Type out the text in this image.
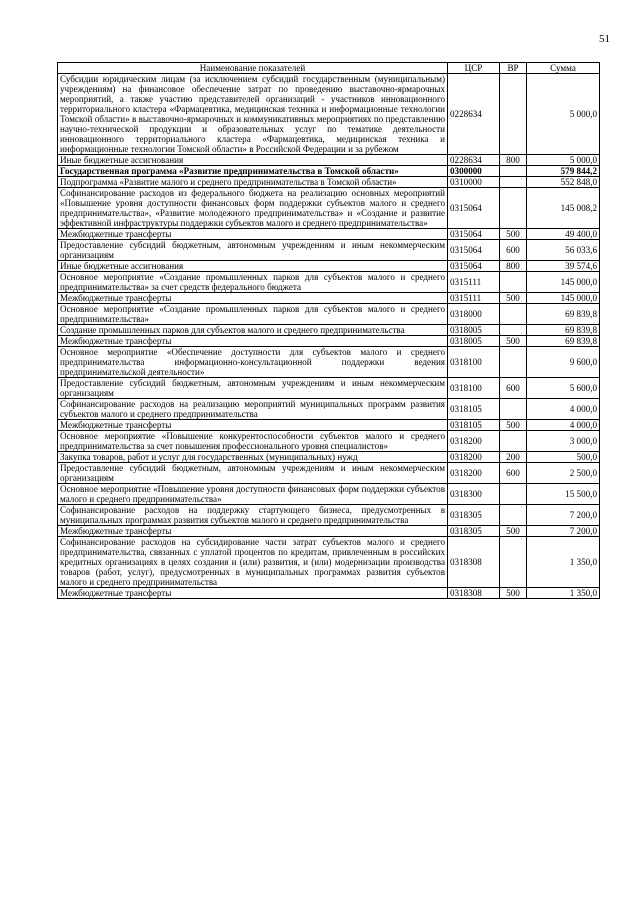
51
Наименование показателей	ЦСР	ВР	Сумма
Субсидии юридическим лицам (за исключением субсидий государственным (муниципальным) учреждениям) на финансовое обеспечение затрат по проведению выставочно-ярмарочных мероприятий, а также участию представителей организаций - участников инновационного территориального кластера «Фармацевтика, медицинская техника и информационные технологии Томской области» в выставочно-ярмарочных и коммуникативных мероприятиях по представлению научно-технической продукции и образовательных услуг по тематике деятельности инновационного территориального кластера «Фармацевтика, медицинская техника и информационные технологии Томской области» в Российской Федерации и за рубежом	0228634		5 000,0
Иные бюджетные ассигнования	0228634	800	5 000,0
Государственная программа «Развитие предпринимательства в Томской области»	0300000		579 844,2
Подпрограмма «Развитие малого и среднего предпринимательства в Томской области»	0310000		552 848,0
Софинансирование расходов из федерального бюджета на реализацию основных мероприятий «Повышение уровня доступности финансовых форм поддержки субъектов малого и среднего предпринимательства», «Развитие молодежного предпринимательства» и «Создание и развитие эффективной инфраструктуры поддержки субъектов малого и среднего предпринимательства»	0315064		145 008,2
Межбюджетные трансферты	0315064	500	49 400,0
Предоставление субсидий бюджетным, автономным учреждениям и иным некоммерческим организациям	0315064	600	56 033,6
Иные бюджетные ассигнования	0315064	800	39 574,6
Основное мероприятие «Создание промышленных парков для субъектов малого и среднего предпринимательства» за счет средств федерального бюджета	0315111		145 000,0
Межбюджетные трансферты	0315111	500	145 000,0
Основное мероприятие «Создание промышленных парков для субъектов малого и среднего предпринимательства»	0318000		69 839,8
Создание промышленных парков для субъектов малого и среднего предпринимательства	0318005		69 839,8
Межбюджетные трансферты	0318005	500	69 839,8
Основное мероприятие «Обеспечение доступности для субъектов малого и среднего предпринимательства информационно-консультационной поддержки ведения предпринимательской деятельности»	0318100		9 600,0
Предоставление субсидий бюджетным, автономным учреждениям и иным некоммерческим организациям	0318100	600	5 600,0
Софинансирование расходов на реализацию мероприятий муниципальных программ развития субъектов малого и среднего предпринимательства	0318105		4 000,0
Межбюджетные трансферты	0318105	500	4 000,0
Основное мероприятие «Повышение конкурентоспособности субъектов малого и среднего предпринимательства за счет повышения профессионального уровня специалистов»	0318200		3 000,0
Закупка товаров, работ и услуг для государственных (муниципальных) нужд	0318200	200	500,0
Предоставление субсидий бюджетным, автономным учреждениям и иным некоммерческим организациям	0318200	600	2 500,0
Основное мероприятие «Повышение уровня доступности финансовых форм поддержки субъектов малого и среднего предпринимательства»	0318300		15 500,0
Софинансирование расходов на поддержку стартующего бизнеса, предусмотренных в муниципальных программах развития субъектов малого и среднего предпринимательства	0318305		7 200,0
Межбюджетные трансферты	0318305	500	7 200,0
Софинансирование расходов на субсидирование части затрат субъектов малого и среднего предпринимательства, связанных с уплатой процентов по кредитам, привлеченным в российских кредитных организациях в целях создания и (или) развития, и (или) модернизации производства товаров (работ, услуг), предусмотренных в муниципальных программах развития субъектов малого и среднего предпринимательства	0318308		1 350,0
Межбюджетные трансферты	0318308	500	1 350,0
